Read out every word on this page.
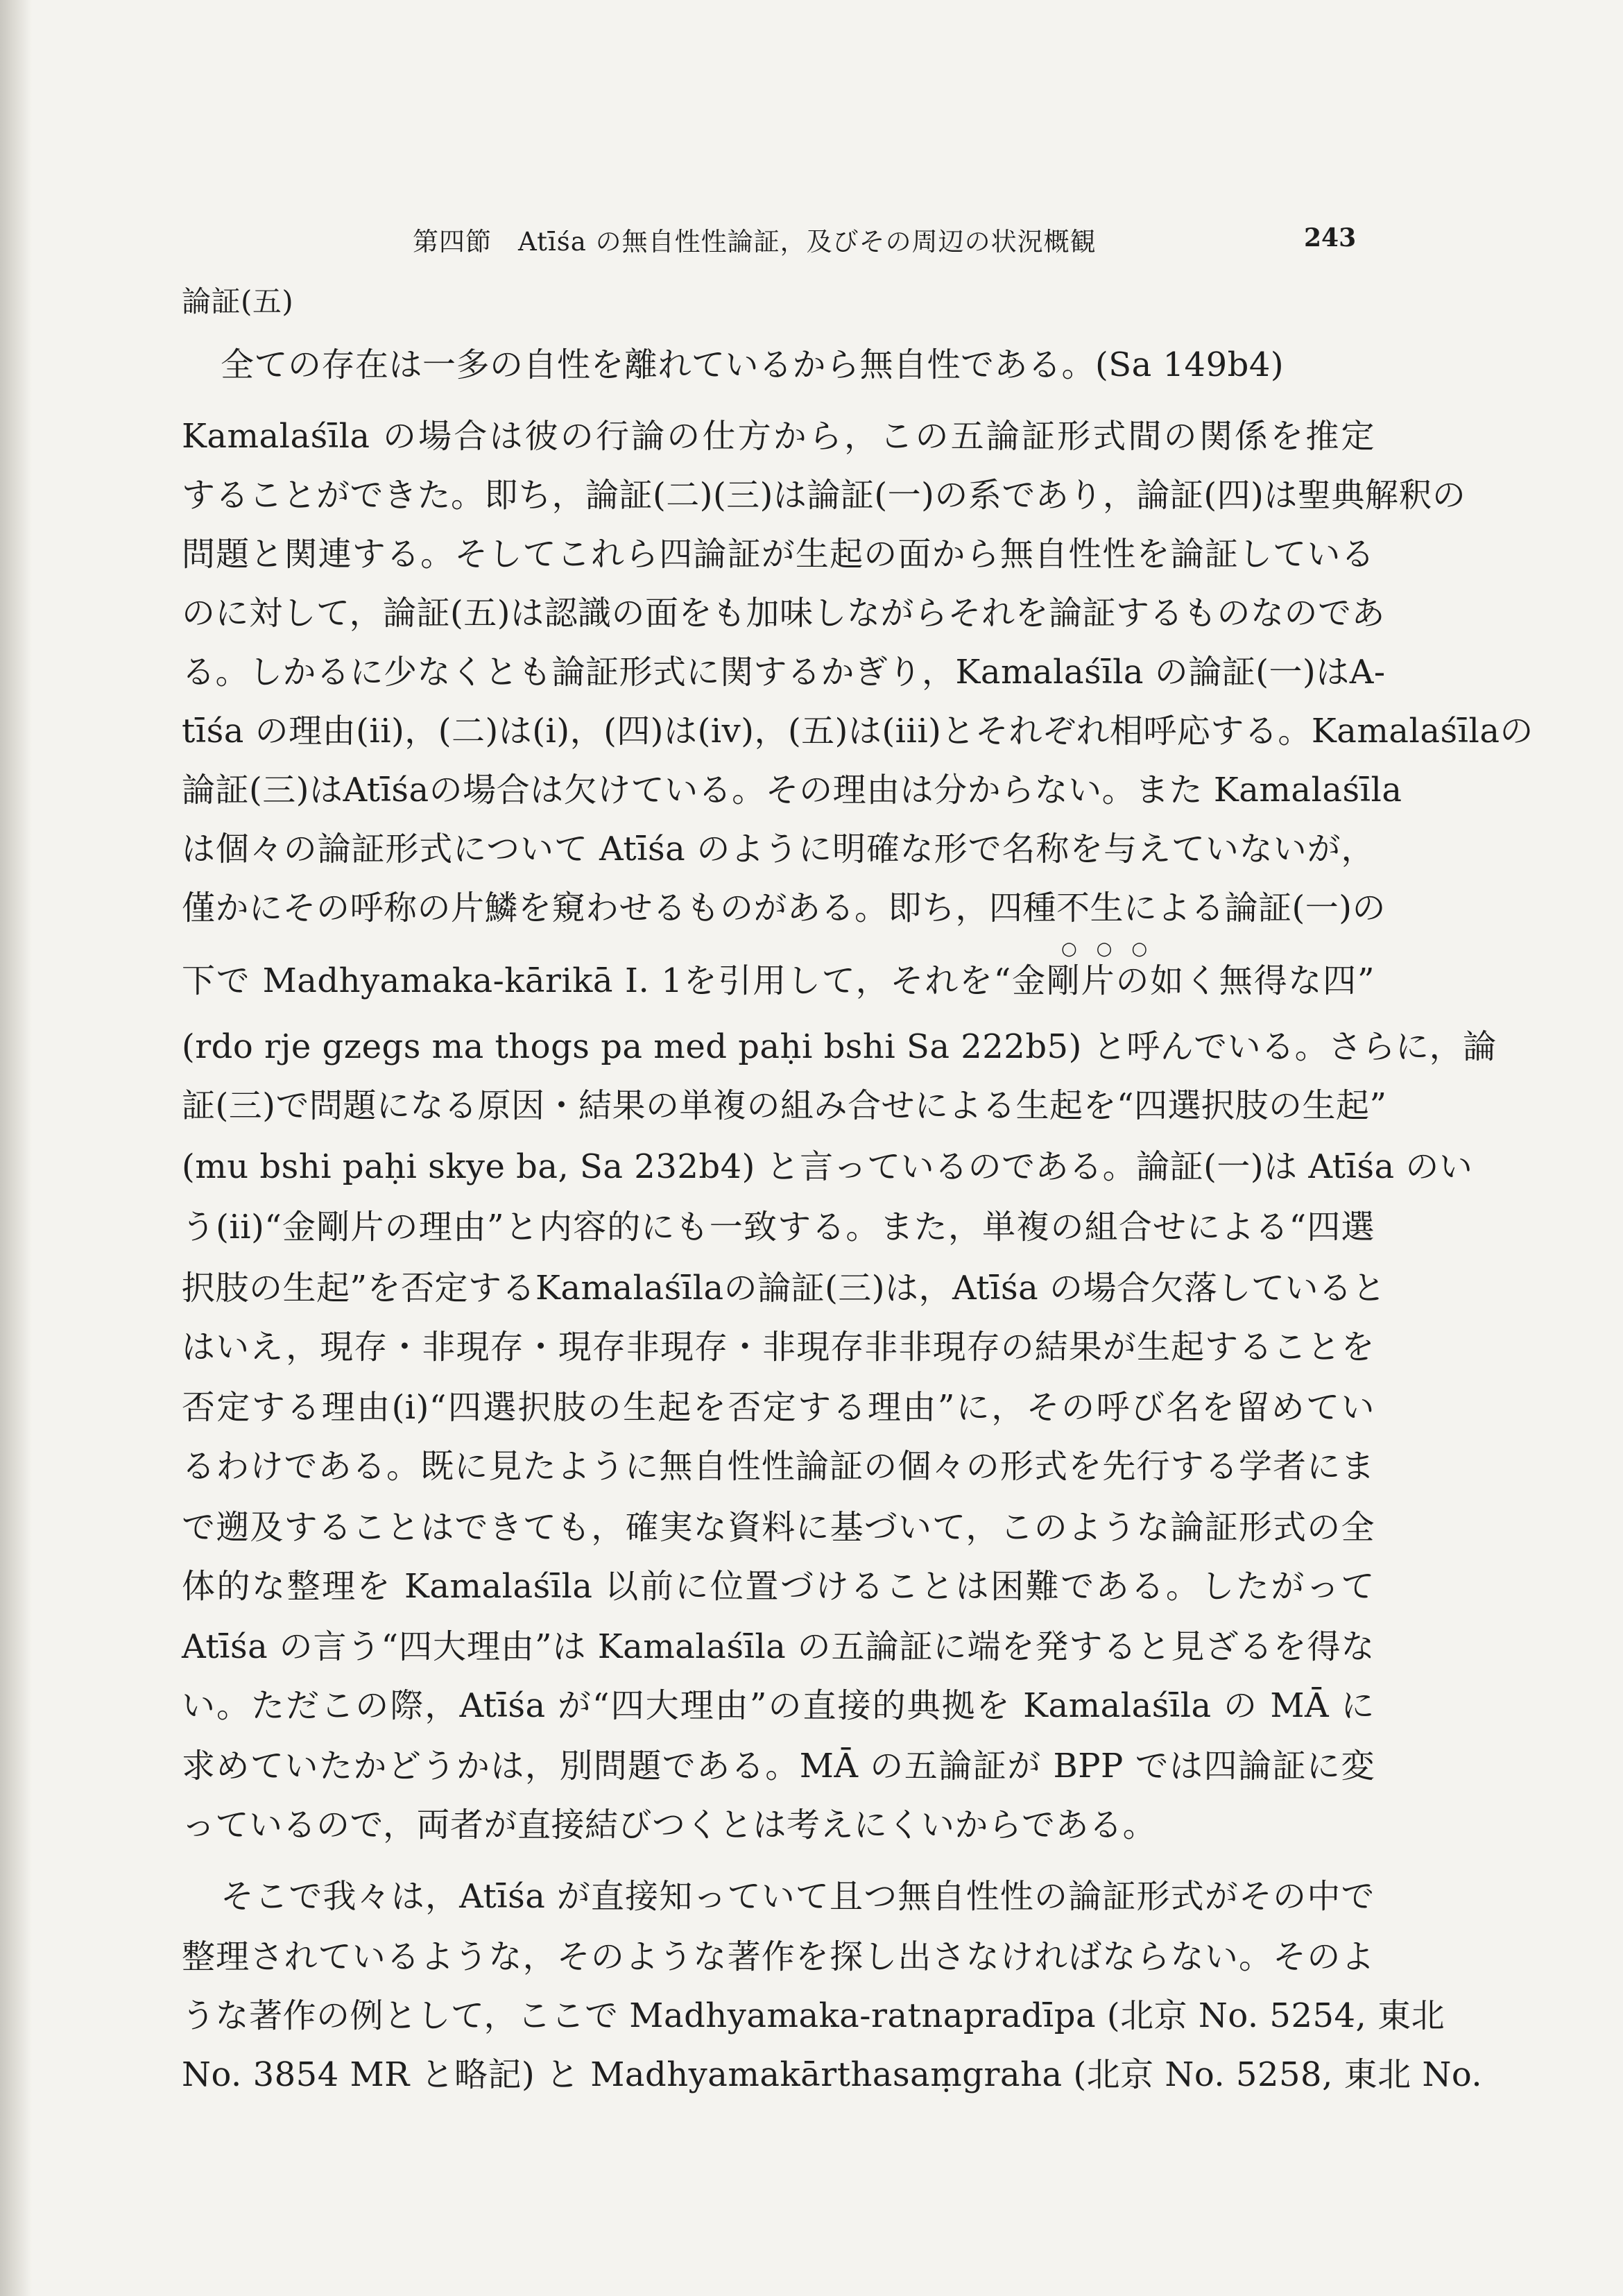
第四節　Atīśa の無自性性論証，及びその周辺の状況概観	243
論証(五)
全ての存在は一多の自性を離れているから無自性である。(Sa 149b4)
Kamalaśīla の場合は彼の行論の仕方から，この五論証形式間の関係を推定
することができた。即ち，論証(二)(三)は論証(一)の系であり，論証(四)は聖典解釈の
問題と関連する。そしてこれら四論証が生起の面から無自性性を論証している
のに対して，論証(五)は認識の面をも加味しながらそれを論証するものなのであ
る。しかるに少なくとも論証形式に関するかぎり，Kamalaśīla の論証(一)はA-
tīśa の理由(ii)，(二)は(i)，(四)は(iv)，(五)は(iii)とそれぞれ相呼応する。Kamalaśīlaの
論証(三)はAtīśaの場合は欠けている。その理由は分からない。また Kamalaśīla
は個々の論証形式について Atīśa のように明確な形で名称を与えていないが，
僅かにその呼称の片鱗を窺わせるものがある。即ち，四種不生による論証(一)の
○○○
下で Madhyamaka-kārikā I. 1を引用して，それを“金剛片の如く無得な四”
(rdo rje gzegs ma thogs pa med paḥi bshi Sa 222b5) と呼んでいる。さらに，論
証(三)で問題になる原因・結果の単複の組み合せによる生起を“四選択肢の生起”
(mu bshi paḥi skye ba, Sa 232b4) と言っているのである。論証(一)は Atīśa のい
う(ii)“金剛片の理由”と内容的にも一致する。また，単複の組合せによる“四選
択肢の生起”を否定するKamalaśīlaの論証(三)は，Atīśa の場合欠落していると
はいえ，現存・非現存・現存非現存・非現存非非現存の結果が生起することを
否定する理由(i)“四選択肢の生起を否定する理由”に，その呼び名を留めてい
るわけである。既に見たように無自性性論証の個々の形式を先行する学者にま
で遡及することはできても，確実な資料に基づいて，このような論証形式の全
体的な整理を Kamalaśīla 以前に位置づけることは困難である。したがって
Atīśa の言う“四大理由”は Kamalaśīla の五論証に端を発すると見ざるを得な
い。ただこの際，Atīśa が“四大理由”の直接的典拠を Kamalaśīla の MĀ に
求めていたかどうかは，別問題である。MĀ の五論証が BPP では四論証に変
っているので，両者が直接結びつくとは考えにくいからである。
そこで我々は，Atīśa が直接知っていて且つ無自性性の論証形式がその中で
整理されているような，そのような著作を探し出さなければならない。そのよ
うな著作の例として，ここで Madhyamaka-ratnapradīpa (北京 No. 5254, 東北
No. 3854 MR と略記) と Madhyamakārthasaṃgraha (北京 No. 5258, 東北 No.
